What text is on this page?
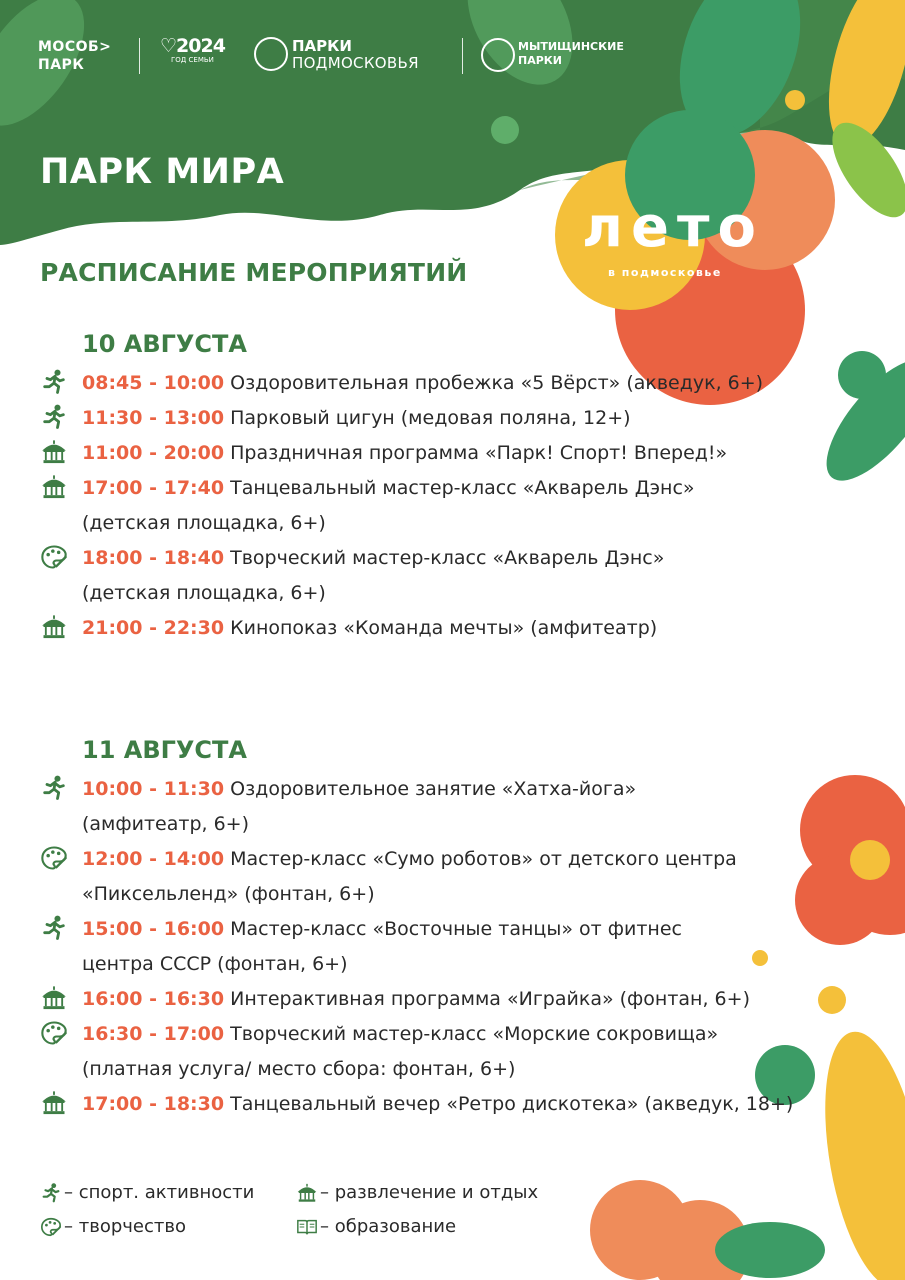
МОСОБ>
ПАРК
♡2024
ГОД СЕМЬИ
ПАРКИ
ПОДМОСКОВЬЯ
МЫТИЩИНСКИЕ
ПАРКИ
ПАРК МИРА
РАСПИСАНИЕ МЕРОПРИЯТИЙ
лето
в подмосковье
10 АВГУСТА
08:45 - 10:00 Оздоровительная пробежка «5 Вёрст» (акведук, 6+)
11:30 - 13:00 Парковый цигун (медовая поляна, 12+)
11:00 - 20:00 Праздничная программа «Парк! Спорт! Вперед!»
17:00 - 17:40 Танцевальный мастер-класс «Акварель Дэнс»
(детская площадка, 6+)
18:00 - 18:40 Творческий мастер-класс «Акварель Дэнс»
(детская площадка, 6+)
21:00 - 22:30 Кинопоказ «Команда мечты» (амфитеатр)
11 АВГУСТА
10:00 - 11:30 Оздоровительное занятие «Хатха-йога»
(амфитеатр, 6+)
12:00 - 14:00 Мастер-класс «Сумо роботов» от детского центра
«Пиксельленд» (фонтан, 6+)
15:00 - 16:00 Мастер-класс «Восточные танцы» от фитнес
центра СССР (фонтан, 6+)
16:00 - 16:30 Интерактивная программа «Играйка» (фонтан, 6+)
16:30 - 17:00 Творческий мастер-класс «Морские сокровища»
(платная услуга/ место сбора: фонтан, 6+)
17:00 - 18:30 Танцевальный вечер «Ретро дискотека» (акведук, 18+)
– спорт. активности	– развлечение и отдых
– творчество	– образование
